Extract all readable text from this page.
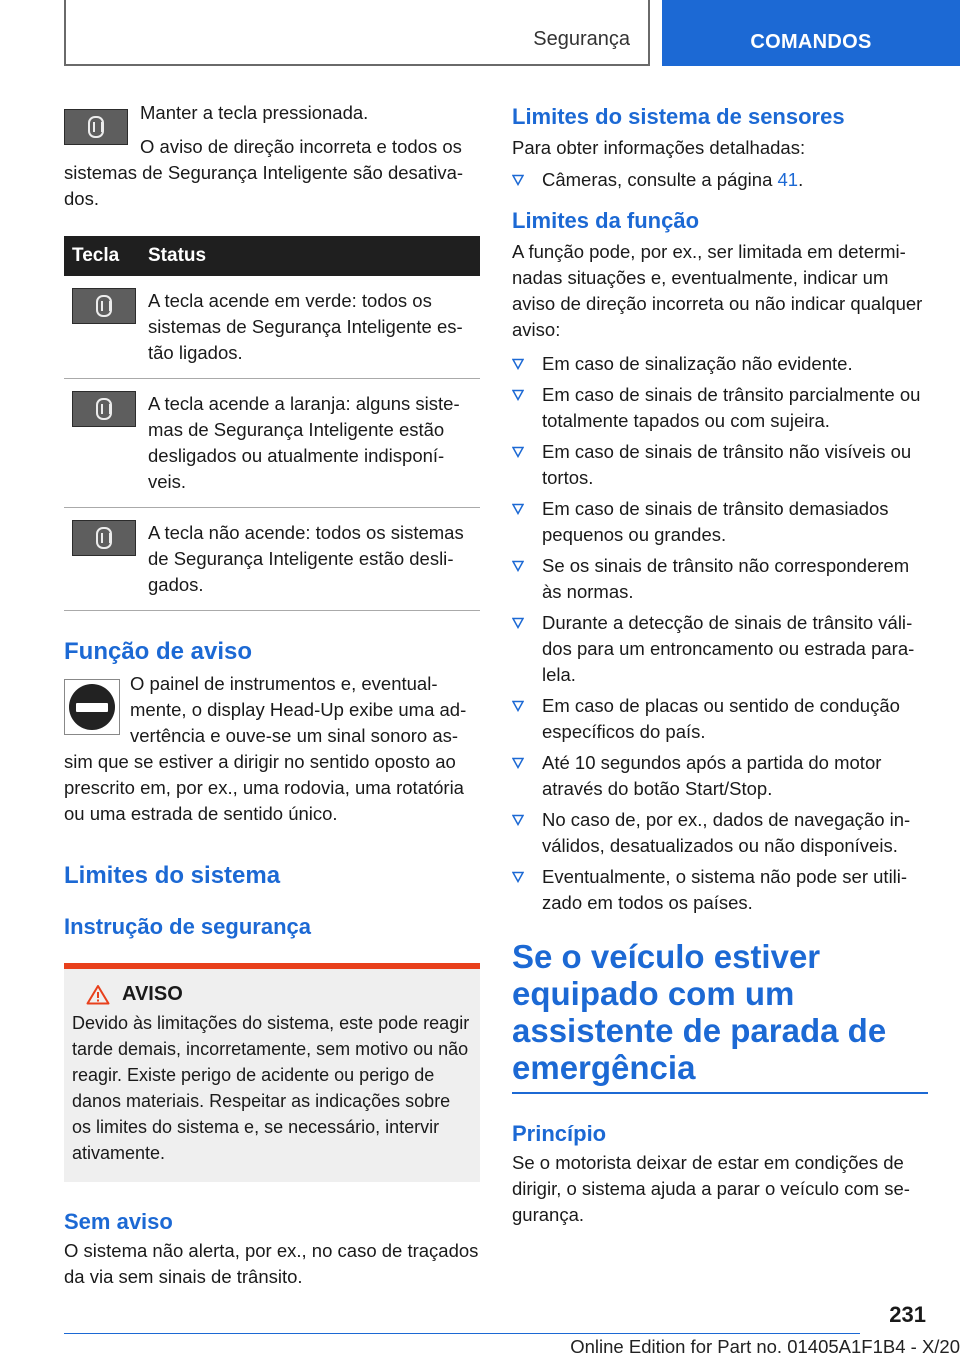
Segurança	COMANDOS

Manter a tecla pressionada.

O aviso de direção incorreta e todos os sistemas de Segurança Inteligente são desativados.

Tecla	Status
A tecla acende em verde: todos os sistemas de Segurança Inteligente estão ligados.
A tecla acende a laranja: alguns sistemas de Segurança Inteligente estão desligados ou atualmente indisponíveis.
A tecla não acende: todos os sistemas de Segurança Inteligente estão desligados.
Função de aviso

O painel de instrumentos e, eventualmente, o display Head-Up exibe uma advertência e ouve-se um sinal sonoro assim que se estiver a dirigir no sentido oposto ao prescrito em, por ex., uma rodovia, uma rotatória ou uma estrada de sentido único.

Limites do sistema
Instrução de segurança
AVISO

Devido às limitações do sistema, este pode reagir tarde demais, incorretamente, sem motivo ou não reagir. Existe perigo de acidente ou perigo de danos materiais. Respeitar as indicações sobre os limites do sistema e, se necessário, intervir ativamente.

Sem aviso

O sistema não alerta, por ex., no caso de traçados da via sem sinais de trânsito.

Limites do sistema de sensores

Para obter informações detalhadas:

Câmeras, consulte a página 41.
Limites da função

A função pode, por ex., ser limitada em determinadas situações e, eventualmente, indicar um aviso de direção incorreta ou não indicar qualquer aviso:

Em caso de sinalização não evidente.
Em caso de sinais de trânsito parcialmente ou totalmente tapados ou com sujeira.
Em caso de sinais de trânsito não visíveis ou tortos.
Em caso de sinais de trânsito demasiados pequenos ou grandes.
Se os sinais de trânsito não corresponderem às normas.
Durante a detecção de sinais de trânsito válidos para um entroncamento ou estrada paralela.
Em caso de placas ou sentido de condução específicos do país.
Até 10 segundos após a partida do motor através do botão Start/Stop.
No caso de, por ex., dados de navegação inválidos, desatualizados ou não disponíveis.
Eventualmente, o sistema não pode ser utilizado em todos os países.
Se o veículo estiver equipado com um assistente de parada de emergência
Princípio

Se o motorista deixar de estar em condições de dirigir, o sistema ajuda a parar o veículo com segurança.

231
Online Edition for Part no. 01405A1F1B4 - X/20
